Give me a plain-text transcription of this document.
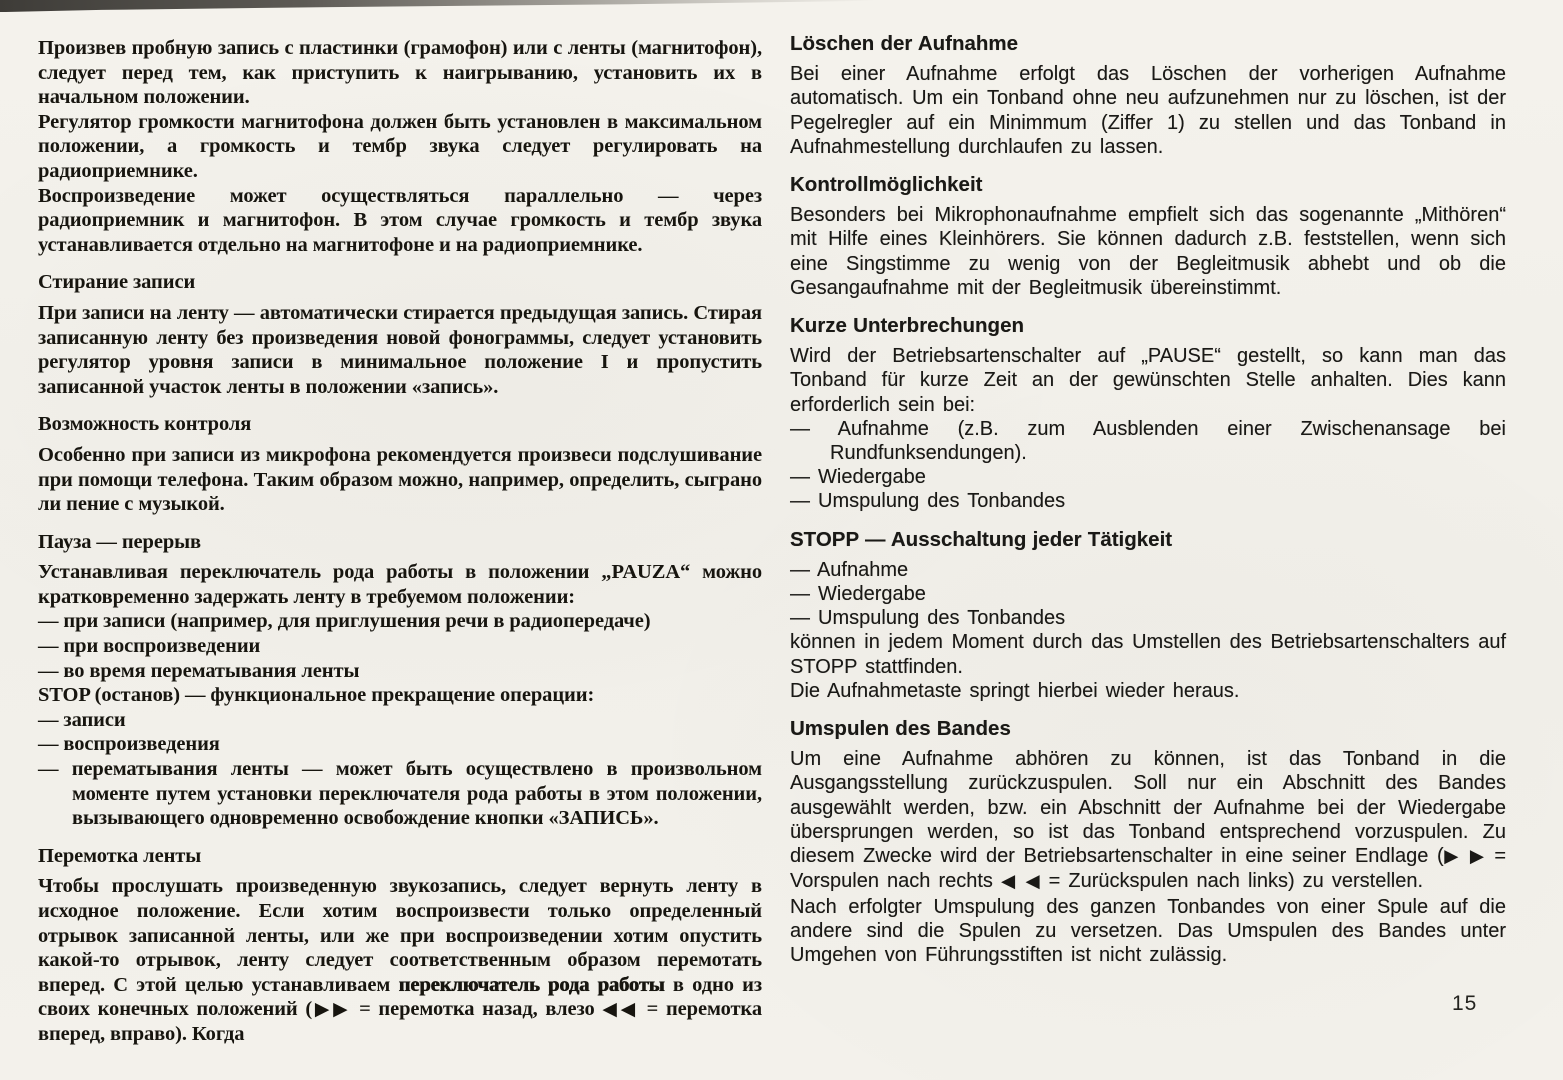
Произвев пробную запись с пластинки (грамофон) или с ленты (магнитофон), следует перед тем, как приступить к наигрыванию, установить их в начальном положении.
Регулятор громкости магнитофона должен быть установлен в максимальном положении, а громкость и тембр звука следует регулировать на радиоприемнике.
Воспроизведение может осуществляться параллельно — через радиоприемник и магнитофон. В этом случае громкость и тембр звука устанавливается отдельно на магнитофоне и на радиоприемнике.
Стирание записи
При записи на ленту — автоматически стирается предыдущая запись. Стирая записанную ленту без произведения новой фонограммы, следует установить регулятор уровня записи в минимальное положение I и пропустить записанной участок ленты в положении «запись».
Возможность контроля
Особенно при записи из микрофона рекомендуется произвеси подслушивание при помощи телефона. Таким образом можно, например, определить, сыграно ли пение с музыкой.
Пауза — перерыв
Устанавливая переключатель рода работы в положении „PAUZA“ можно кратковременно задержать ленту в требуемом положении:
— при записи (например, для приглушения речи в радиопередаче)
— при воспроизведении
— во время перематывания ленты
STOP (останов) — функциональное прекращение операции:
— записи
— воспроизведения
— перематывания ленты — может быть осуществлено в произвольном моменте путем установки переключателя рода работы в этом положении, вызывающего одновременно освобождение кнопки «ЗАПИСЬ».
Перемотка ленты
Чтобы прослушать произведенную звукозапись, следует вернуть ленту в исходное положение. Если хотим воспроизвести только определенный отрывок записанной ленты, или же при воспроизведении хотим опустить какой-то отрывок, ленту следует соответственным образом перемотать вперед. С этой целью устанавливаем переключатель рода работы в одно из своих конечных положений (▶▶ = перемотка назад, влезо ◀◀ = перемотка вперед, вправо). Когда
Löschen der Aufnahme
Bei einer Aufnahme erfolgt das Löschen der vorherigen Aufnahme automatisch. Um ein Tonband ohne neu aufzunehmen nur zu löschen, ist der Pegelregler auf ein Minimmum (Ziffer 1) zu stellen und das Tonband in Aufnahmestellung durchlaufen zu lassen.
Kontrollmöglichkeit
Besonders bei Mikrophonaufnahme empfielt sich das sogenannte „Mithören“ mit Hilfe eines Kleinhörers. Sie können dadurch z.B. feststellen, wenn sich eine Singstimme zu wenig von der Begleitmusik abhebt und ob die Gesangaufnahme mit der Begleitmusik übereinstimmt.
Kurze Unterbrechungen
Wird der Betriebsartenschalter auf „PAUSE“ gestellt, so kann man das Tonband für kurze Zeit an der gewünschten Stelle anhalten. Dies kann erforderlich sein bei:
— Aufnahme (z.B. zum Ausblenden einer Zwischenansage bei Rundfunksendungen).
— Wiedergabe
— Umspulung des Tonbandes
STOPP — Ausschaltung jeder Tätigkeit
— Aufnahme
— Wiedergabe
— Umspulung des Tonbandes
können in jedem Moment durch das Umstellen des Betriebsartenschalters auf STOPP stattfinden.
Die Aufnahmetaste springt hierbei wieder heraus.
Umspulen des Bandes
Um eine Aufnahme abhören zu können, ist das Tonband in die Ausgangsstellung zurückzuspulen. Soll nur ein Abschnitt des Bandes ausgewählt werden, bzw. ein Abschnitt der Aufnahme bei der Wiedergabe übersprungen werden, so ist das Tonband entsprechend vorzuspulen. Zu diesem Zwecke wird der Betriebsartenschalter in eine seiner Endlage (▶ ▶ = Vorspulen nach rechts ◀ ◀ = Zurückspulen nach links) zu verstellen.
Nach erfolgter Umspulung des ganzen Tonbandes von einer Spule auf die andere sind die Spulen zu versetzen. Das Umspulen des Bandes unter Umgehen von Führungsstiften ist nicht zulässig.
15
